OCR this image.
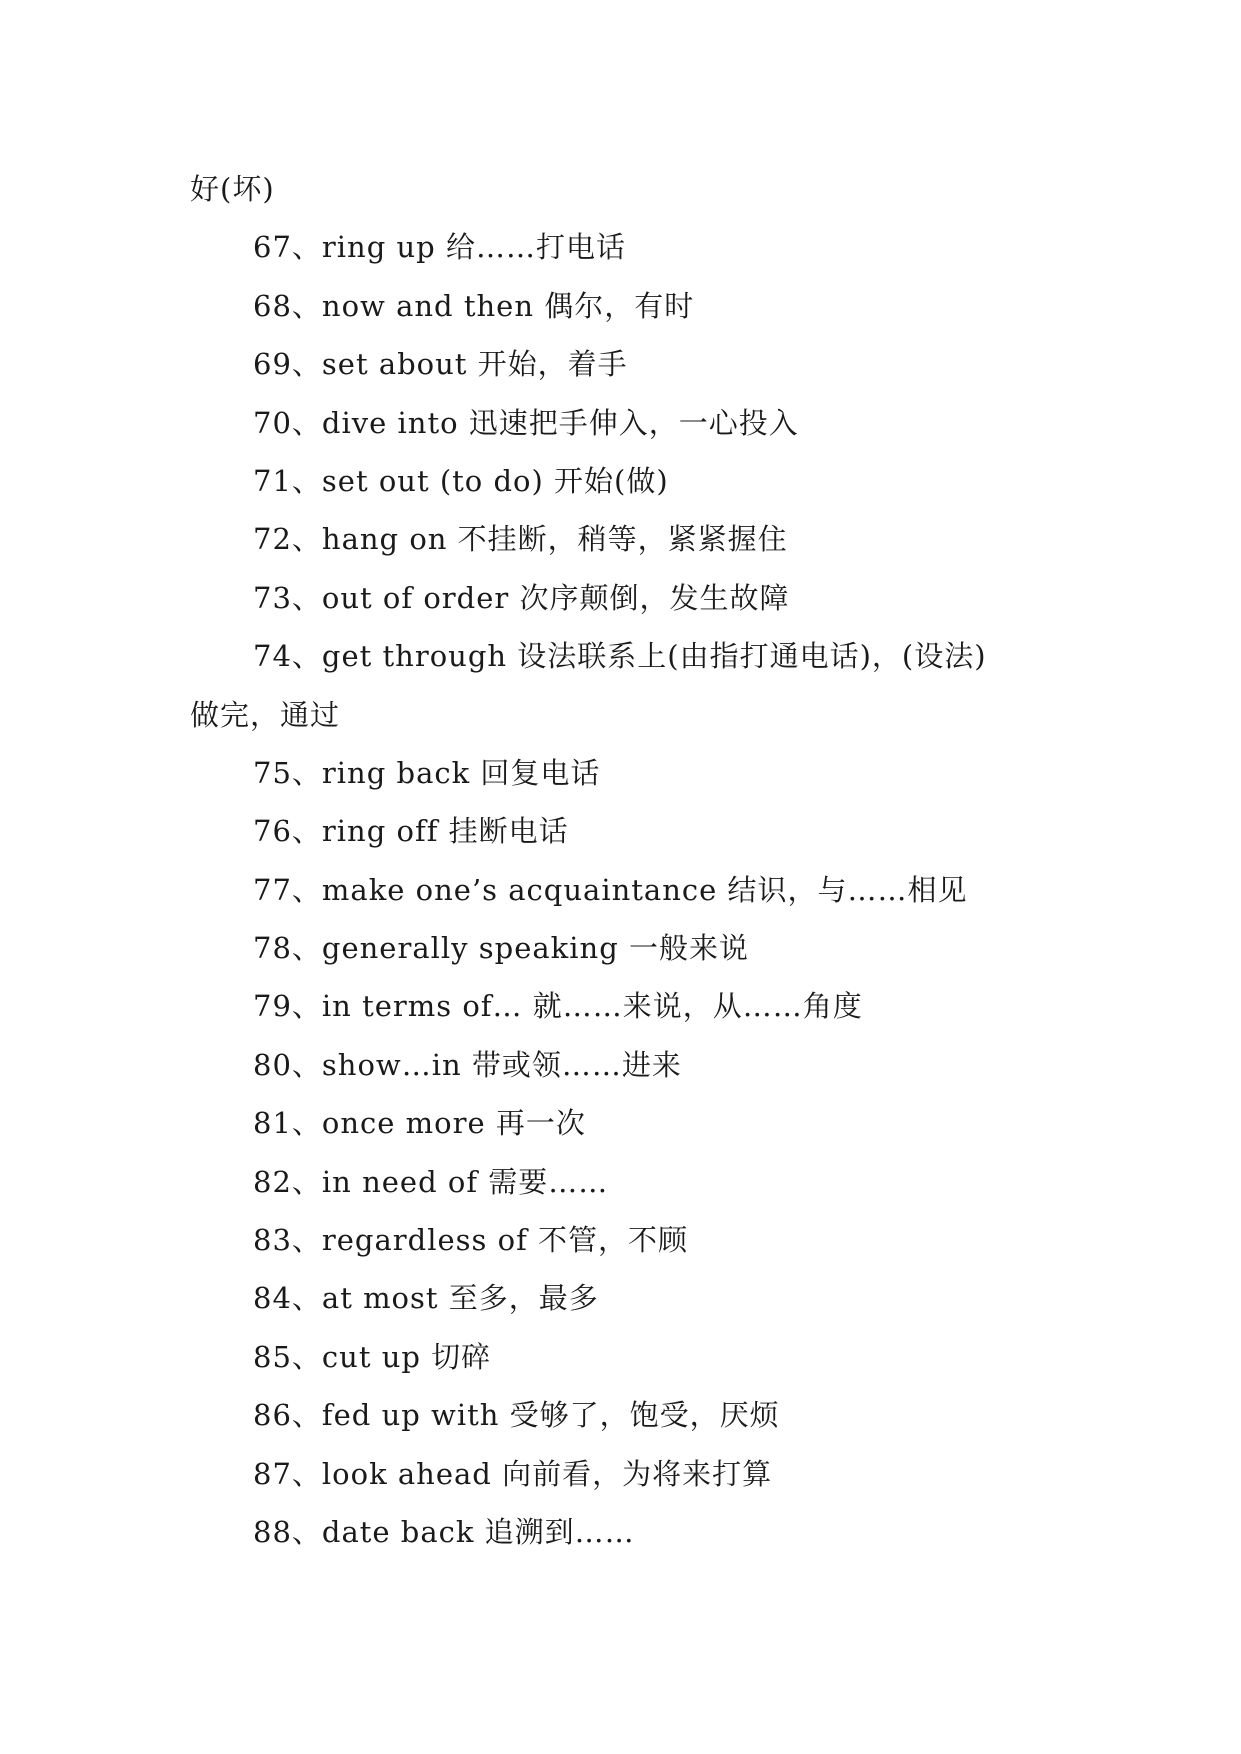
好(坏)
67、ring up 给……打电话
68、now and then 偶尔，有时
69、set about 开始，着手
70、dive into 迅速把手伸入，一心投入
71、set out (to do) 开始(做)
72、hang on 不挂断，稍等，紧紧握住
73、out of order 次序颠倒，发生故障
74、get through 设法联系上(由指打通电话)，(设法)
做完，通过
75、ring back 回复电话
76、ring off 挂断电话
77、make one’s acquaintance 结识，与……相见
78、generally speaking 一般来说
79、in terms of… 就……来说，从……角度
80、show…in 带或领……进来
81、once more 再一次
82、in need of 需要……
83、regardless of 不管，不顾
84、at most 至多，最多
85、cut up 切碎
86、fed up with 受够了，饱受，厌烦
87、look ahead 向前看，为将来打算
88、date back 追溯到……
